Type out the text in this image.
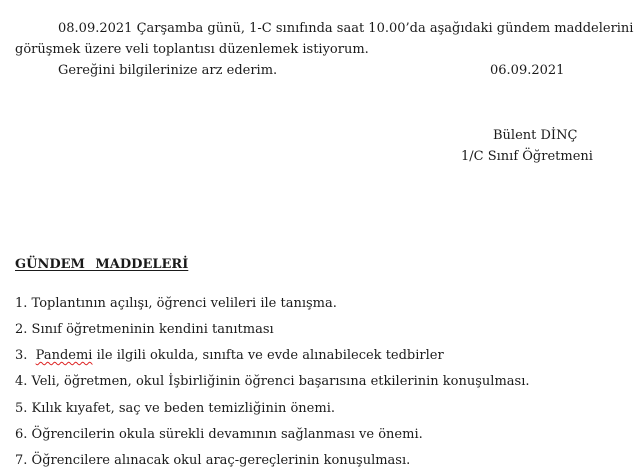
08.09.2021 Çarşamba günü, 1-C sınıfında saat 10.00’da aşağıdaki gündem maddelerini
görüşmek üzere veli toplantısı düzenlemek istiyorum.
Gereğini bilgilerinize arz ederim.	06.09.2021
Bülent DİNÇ
1/C Sınıf Öğretmeni
GÜNDEM MADDELERİ
1. Toplantının açılışı, öğrenci velileri ile tanışma.
2. Sınıf öğretmeninin kendini tanıtması
3.  Pandemi ile ilgili okulda, sınıfta ve evde alınabilecek tedbirler
4. Veli, öğretmen, okul İşbirliğinin öğrenci başarısına etkilerinin konuşulması.
5. Kılık kıyafet, saç ve beden temizliğinin önemi.
6. Öğrencilerin okula sürekli devamının sağlanması ve önemi.
7. Öğrencilere alınacak okul araç-gereçlerinin konuşulması.
